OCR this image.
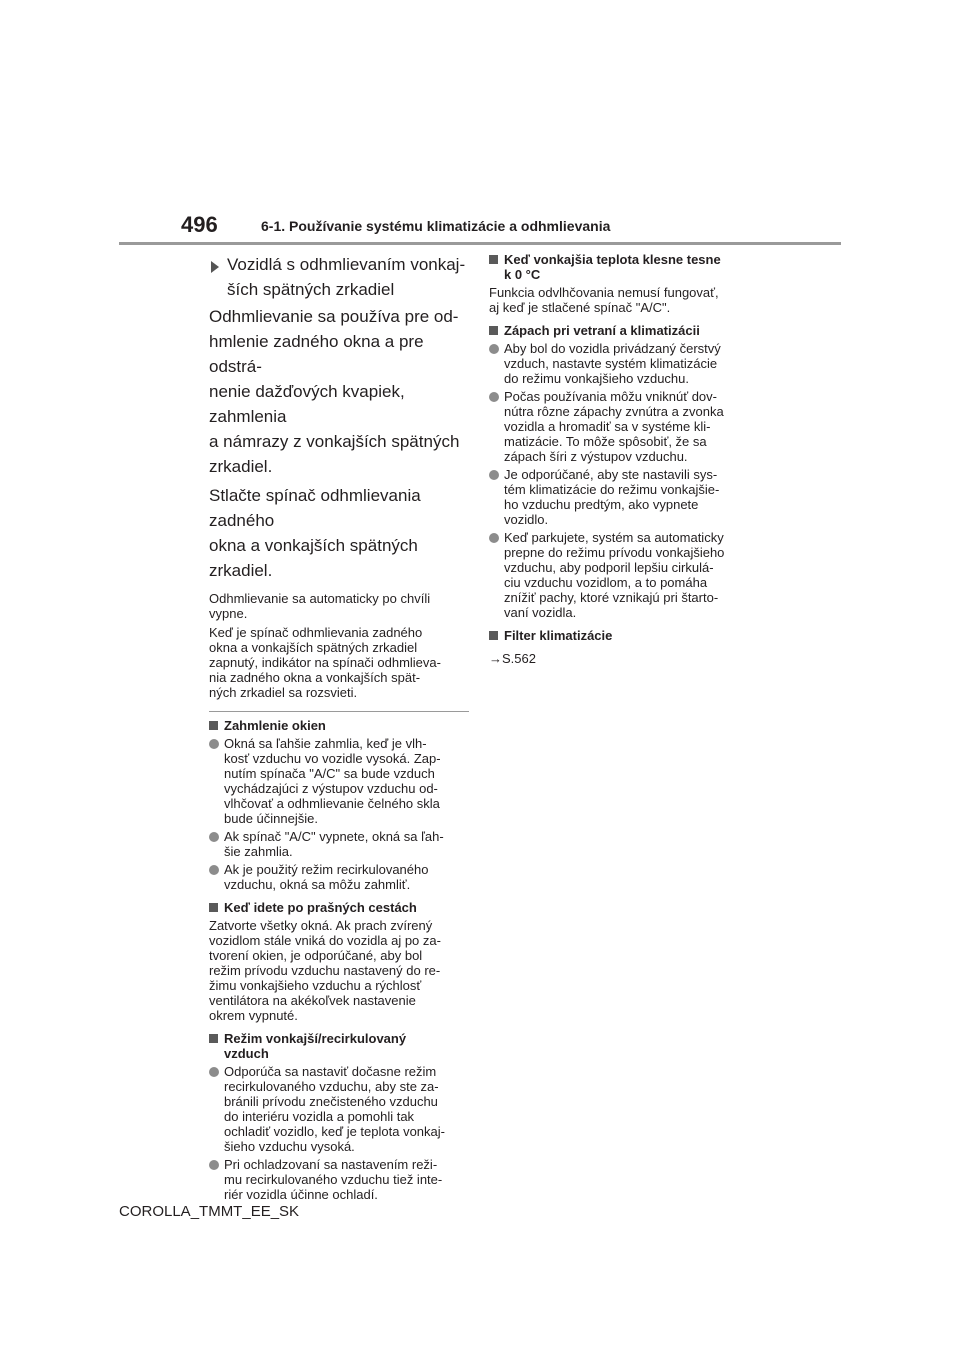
496	6-1. Používanie systému klimatizácie a odhmlievania

Vozidlá s odhmlievaním vonkaj-
ších spätných zrkadiel

Odhmlievanie sa používa pre od-
hmlenie zadného okna a pre odstrá-
nenie dažďových kvapiek, zahmlenia
a námrazy z vonkajších spätných
zrkadiel.

Stlačte spínač odhmlievania zadného
okna a vonkajších spätných zrkadiel.

Odhmlievanie sa automaticky po chvíli
vypne.

Keď je spínač odhmlievania zadného
okna a vonkajších spätných zrkadiel
zapnutý, indikátor na spínači odhmlieva-
nia zadného okna a vonkajších spät-
ných zrkadiel sa rozsvieti.

Zahmlenie okien

Okná sa ľahšie zahmlia, keď je vlh-
kosť vzduchu vo vozidle vysoká. Zap-
nutím spínača "A/C" sa bude vzduch
vychádzajúci z výstupov vzduchu od-
vlhčovať a odhmlievanie čelného skla
bude účinnejšie.

Ak spínač "A/C" vypnete, okná sa ľah-
šie zahmlia.

Ak je použitý režim recirkulovaného
vzduchu, okná sa môžu zahmliť.

Keď idete po prašných cestách

Zatvorte všetky okná. Ak prach zvírený
vozidlom stále vniká do vozidla aj po za-
tvorení okien, je odporúčané, aby bol
režim prívodu vzduchu nastavený do re-
žimu vonkajšieho vzduchu a rýchlosť
ventilátora na akékoľvek nastavenie
okrem vypnuté.

Režim vonkajší/recirkulovaný
vzduch

Odporúča sa nastaviť dočasne režim
recirkulovaného vzduchu, aby ste za-
bránili prívodu znečisteného vzduchu
do interiéru vozidla a pomohli tak
ochladiť vozidlo, keď je teplota vonkaj-
šieho vzduchu vysoká.

Pri ochladzovaní sa nastavením reži-
mu recirkulovaného vzduchu tiež inte-
riér vozidla účinne ochladí.

Keď vonkajšia teplota klesne tesne
k 0 °C

Funkcia odvlhčovania nemusí fungovať,
aj keď je stlačené spínač "A/C".

Zápach pri vetraní a klimatizácii

Aby bol do vozidla privádzaný čerstvý
vzduch, nastavte systém klimatizácie
do režimu vonkajšieho vzduchu.

Počas používania môžu vniknúť dov-
nútra rôzne zápachy zvnútra a zvonka
vozidla a hromadiť sa v systéme kli-
matizácie. To môže spôsobiť, že sa
zápach šíri z výstupov vzduchu.

Je odporúčané, aby ste nastavili sys-
tém klimatizácie do režimu vonkajšie-
ho vzduchu predtým, ako vypnete
vozidlo.

Keď parkujete, systém sa automaticky
prepne do režimu prívodu vonkajšieho
vzduchu, aby podporil lepšiu cirkulá-
ciu vzduchu vozidlom, a to pomáha
znížiť pachy, ktoré vznikajú pri štarto-
vaní vozidla.

Filter klimatizácie

→S.562

COROLLA_TMMT_EE_SK
